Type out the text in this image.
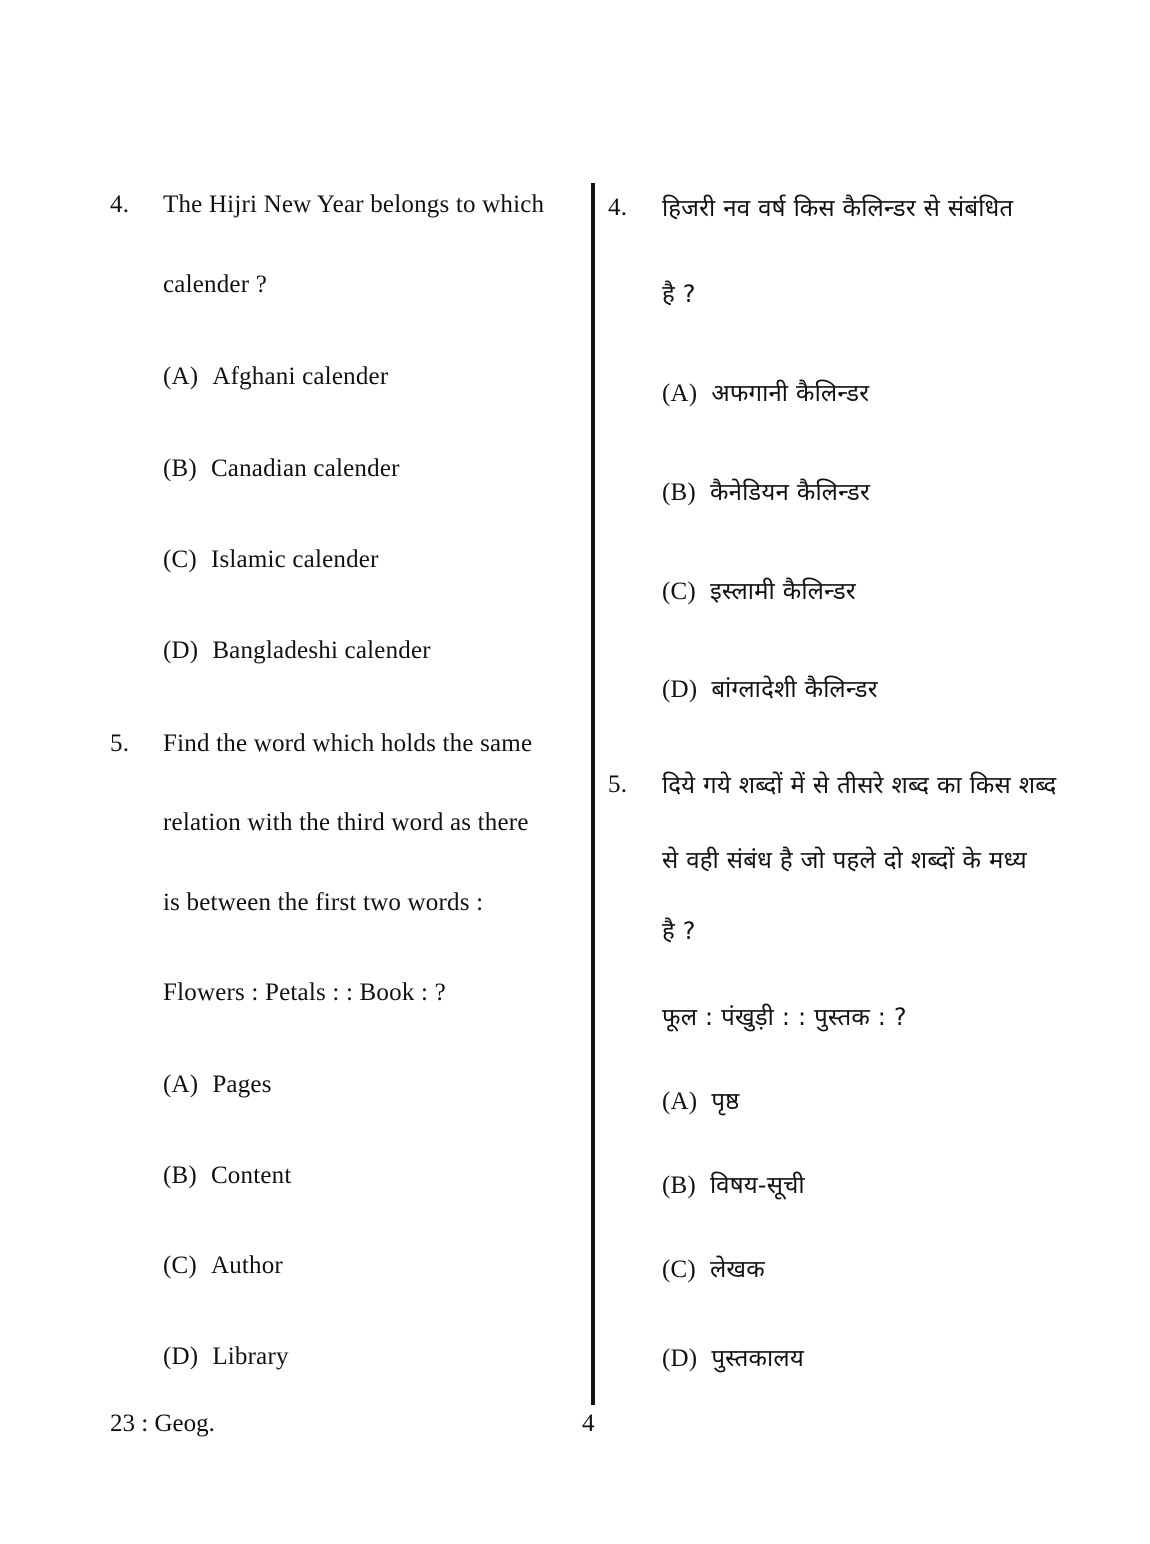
4. The Hijri New Year belongs to which
calender ?
(A) Afghani calender
(B) Canadian calender
(C) Islamic calender
(D) Bangladeshi calender
5. Find the word which holds the same
relation with the third word as there
is between the first two words :
Flowers : Petals : : Book : ?
(A) Pages
(B) Content
(C) Author
(D) Library
4. हिजरी नव वर्ष किस कैलिन्डर से संबंधित
है ?
(A) अफगानी कैलिन्डर
(B) कैनेडियन कैलिन्डर
(C) इस्लामी कैलिन्डर
(D) बांग्लादेशी कैलिन्डर
5. दिये गये शब्दों में से तीसरे शब्द का किस शब्द
से वही संबंध है जो पहले दो शब्दों के मध्य
है ?
फूल : पंखुड़ी : : पुस्तक : ?
(A) पृष्ठ
(B) विषय-सूची
(C) लेखक
(D) पुस्तकालय
23 : Geog.	4
